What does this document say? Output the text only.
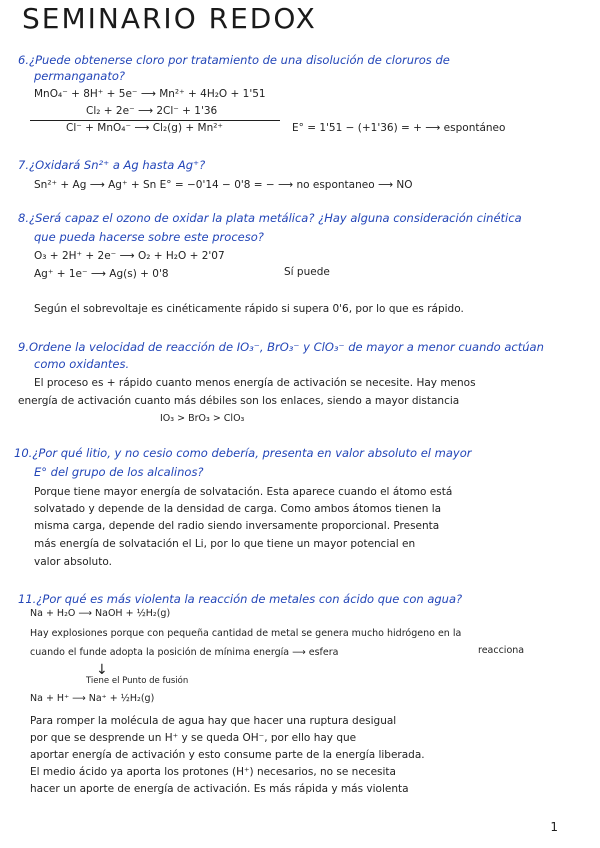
SEMINARIO REDOX
6.¿Puede obtenerse cloro por tratamiento de una disolución de cloruros de
permanganato?
MnO₄⁻ + 8H⁺ + 5e⁻ ⟶ Mn²⁺ + 4H₂O + 1'51
Cl₂ + 2e⁻ ⟶ 2Cl⁻ + 1'36
Cl⁻ + MnO₄⁻ ⟶ Cl₂(g) + Mn²⁺	E° = 1'51 − (+1'36) = + ⟶ espontáneo
7.¿Oxidará Sn²⁺ a Ag hasta Ag⁺?
Sn²⁺ + Ag ⟶ Ag⁺ + Sn E° = −0'14 − 0'8 = − ⟶ no espontaneo ⟶ NO
8.¿Será capaz el ozono de oxidar la plata metálica? ¿Hay alguna consideración cinética
que pueda hacerse sobre este proceso?
O₃ + 2H⁺ + 2e⁻ ⟶ O₂ + H₂O + 2'07
Ag⁺ + 1e⁻ ⟶ Ag(s) + 0'8	Sí puede
Según el sobrevoltaje es cinéticamente rápido si supera 0'6, por lo que es rápido.
9.Ordene la velocidad de reacción de IO₃⁻, BrO₃⁻ y ClO₃⁻ de mayor a menor cuando actúan
como oxidantes.
El proceso es + rápido cuanto menos energía de activación se necesite. Hay menos
energía de activación cuanto más débiles son los enlaces, siendo a mayor distancia
IO₃ > BrO₃ > ClO₃
10.¿Por qué litio, y no cesio como debería, presenta en valor absoluto el mayor
E° del grupo de los alcalinos?
Porque tiene mayor energía de solvatación. Esta aparece cuando el átomo está
solvatado y depende de la densidad de carga. Como ambos átomos tienen la
misma carga, depende del radio siendo inversamente proporcional. Presenta
más energía de solvatación el Li, por lo que tiene un mayor potencial en
valor absoluto.
11.¿Por qué es más violenta la reacción de metales con ácido que con agua?
Na + H₂O ⟶ NaOH + ½H₂(g)
Hay explosiones porque con pequeña cantidad de metal se genera mucho hidrógeno en la
cuando el funde adopta la posición de mínima energía ⟶ esfera	reacciona
↓
Tiene el Punto de fusión
Na + H⁺ ⟶ Na⁺ + ½H₂(g)
Para romper la molécula de agua hay que hacer una ruptura desigual
por que se desprende un H⁺ y se queda OH⁻, por ello hay que
aportar energía de activación y esto consume parte de la energía liberada.
El medio ácido ya aporta los protones (H⁺) necesarios, no se necesita
hacer un aporte de energía de activación. Es más rápida y más violenta
1
